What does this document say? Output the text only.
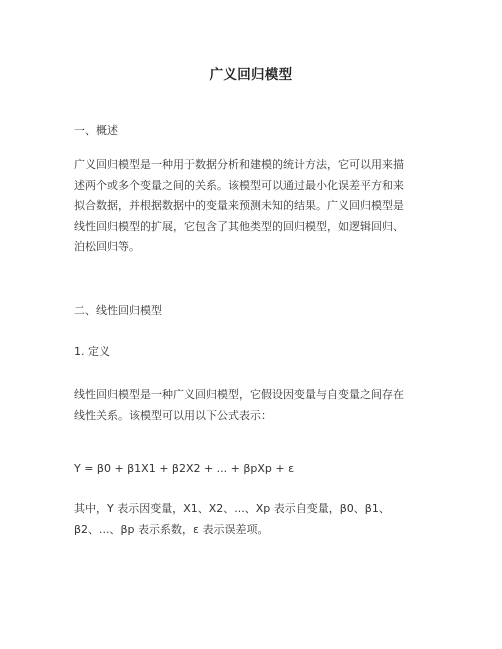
广义回归模型
一、概述
广义回归模型是一种用于数据分析和建模的统计方法，它可以用来描
述两个或多个变量之间的关系。该模型可以通过最小化误差平方和来
拟合数据，并根据数据中的变量来预测未知的结果。广义回归模型是
线性回归模型的扩展，它包含了其他类型的回归模型，如逻辑回归、
泊松回归等。
二、线性回归模型
1. 定义
线性回归模型是一种广义回归模型，它假设因变量与自变量之间存在
线性关系。该模型可以用以下公式表示：
Y = β0 + β1X1 + β2X2 + ... + βpXp + ε
其中，Y 表示因变量，X1、X2、...、Xp 表示自变量，β0、β1、
β2、...、βp 表示系数，ε 表示误差项。
